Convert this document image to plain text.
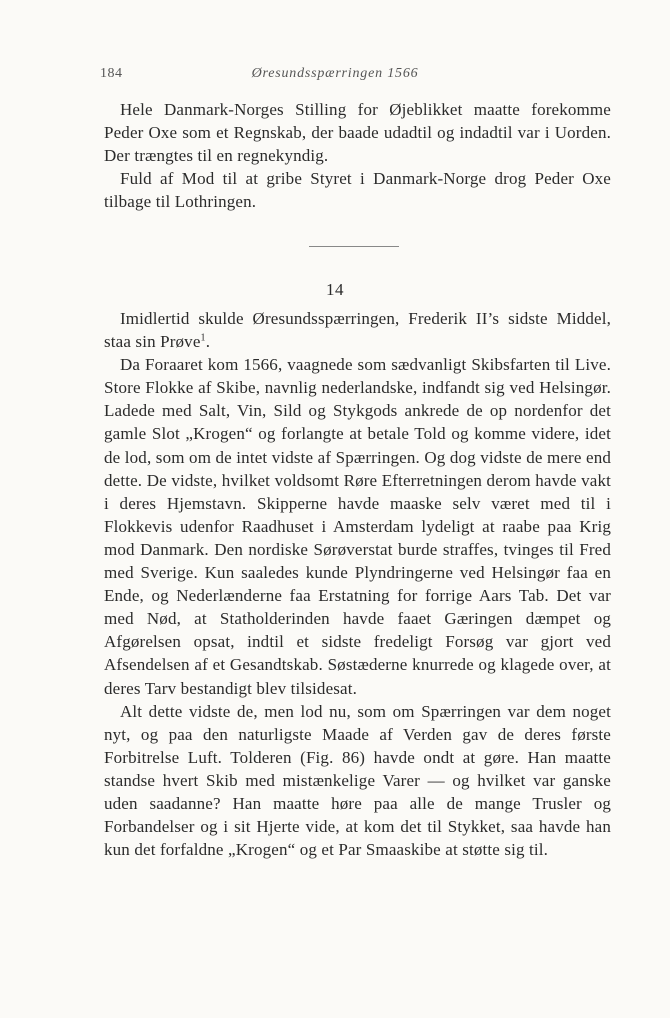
184	Øresundsspærringen 1566

Hele Danmark-Norges Stilling for Øjeblikket maatte forekomme Peder Oxe som et Regnskab, der baade udadtil og indadtil var i Uorden. Der trængtes til en regnekyndig.

Fuld af Mod til at gribe Styret i Danmark-Norge drog Peder Oxe tilbage til Lothringen.

14

Imidlertid skulde Øresundsspærringen, Frederik II’s sidste Middel, staa sin Prøve$^1$.

Da Foraaret kom 1566, vaagnede som sædvanligt Skibsfarten til Live. Store Flokke af Skibe, navnlig nederlandske, indfandt sig ved Helsingør. Ladede med Salt, Vin, Sild og Stykgods ankrede de op nordenfor det gamle Slot „Krogen“ og forlangte at betale Told og komme videre, idet de lod, som om de intet vidste af Spærringen. Og dog vidste de mere end dette. De vidste, hvilket voldsomt Røre Efterretningen derom havde vakt i deres Hjemstavn. Skipperne havde maaske selv været med til i Flokkevis udenfor Raadhuset i Amsterdam lydeligt at raabe paa Krig mod Danmark. Den nordiske Sørøverstat burde straffes, tvinges til Fred med Sverige. Kun saaledes kunde Plyndringerne ved Helsingør faa en Ende, og Nederlænderne faa Erstatning for forrige Aars Tab. Det var med Nød, at Statholderinden havde faaet Gæringen dæmpet og Afgørelsen opsat, indtil et sidste fredeligt Forsøg var gjort ved Afsendelsen af et Gesandtskab. Søstæderne knurrede og klagede over, at deres Tarv bestandigt blev tilsidesat.

Alt dette vidste de, men lod nu, som om Spærringen var dem noget nyt, og paa den naturligste Maade af Verden gav de deres første Forbitrelse Luft. Tolderen (Fig. 86) havde ondt at gøre. Han maatte standse hvert Skib med mistænkelige Varer — og hvilket var ganske uden saadanne? Han maatte høre paa alle de mange Trusler og Forbandelser og i sit Hjerte vide, at kom det til Stykket, saa havde han kun det forfaldne „Krogen“ og et Par Smaaskibe at støtte sig til.
